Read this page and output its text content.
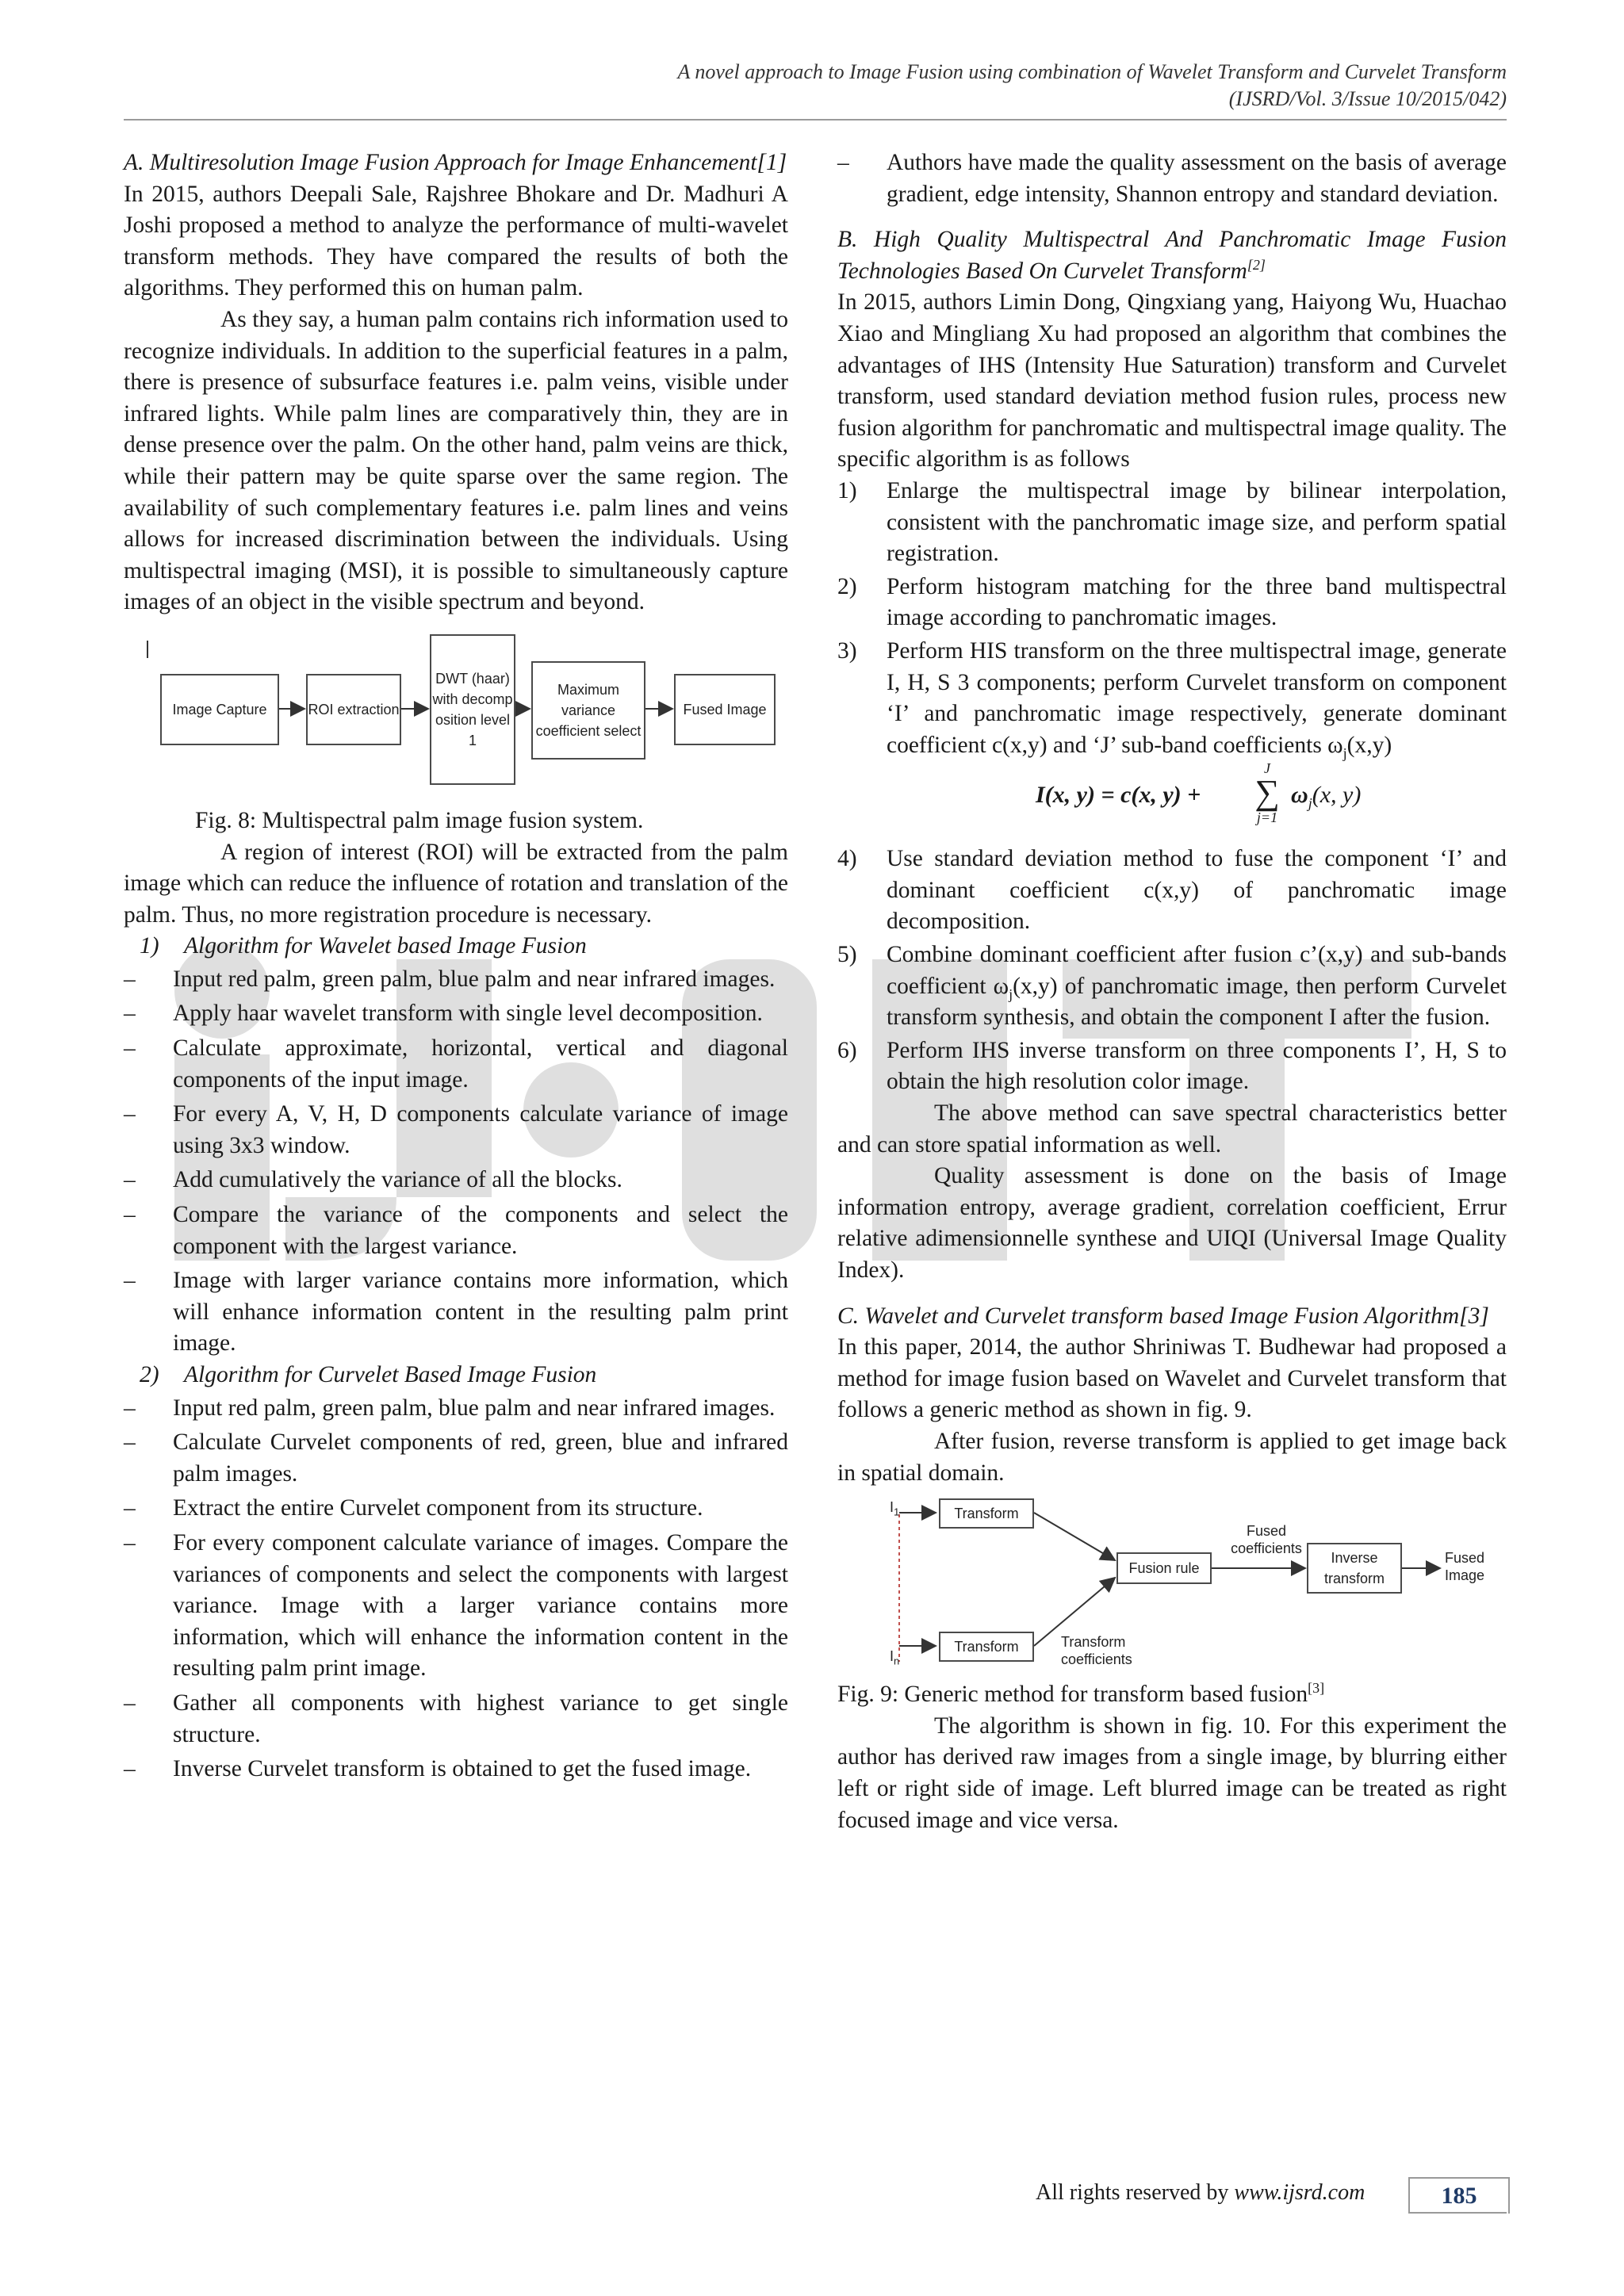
A novel approach to Image Fusion using combination of Wavelet Transform and Curvelet Transform
(IJSRD/Vol. 3/Issue 10/2015/042)

A. Multiresolution Image Fusion Approach for Image Enhancement[1]

In 2015, authors Deepali Sale, Rajshree Bhokare and Dr. Madhuri A Joshi proposed a method to analyze the performance of multi-wavelet transform methods. They have compared the results of both the algorithms. They performed this on human palm.

As they say, a human palm contains rich information used to recognize individuals. In addition to the superficial features in a palm, there is presence of subsurface features i.e. palm veins, visible under infrared lights. While palm lines are comparatively thin, they are in dense presence over the palm. On the other hand, palm veins are thick, while their pattern may be quite sparse over the same region. The availability of such complementary features i.e. palm lines and veins allows for increased discrimination between the individuals. Using multispectral imaging (MSI), it is possible to simultaneously capture images of an object in the visible spectrum and beyond.

Image Capture	ROI extraction
DWT (haar) with decomp osition level 1
Maximum variance coefficient select
Fused Image

Fig. 8: Multispectral palm image fusion system.

A region of interest (ROI) will be extracted from the palm image which can reduce the influence of rotation and translation of the palm. Thus, no more registration procedure is necessary.

1) Algorithm for Wavelet based Image Fusion

– Input red palm, green palm, blue palm and near infrared images.
– Apply haar wavelet transform with single level decomposition.
– Calculate approximate, horizontal, vertical and diagonal components of the input image.
– For every A, V, H, D components calculate variance of image using 3x3 window.
– Add cumulatively the variance of all the blocks.
– Compare the variance of the components and select the component with the largest variance.
– Image with larger variance contains more information, which will enhance information content in the resulting palm print image.

2) Algorithm for Curvelet Based Image Fusion

– Input red palm, green palm, blue palm and near infrared images.
– Calculate Curvelet components of red, green, blue and infrared palm images.
– Extract the entire Curvelet component from its structure.
– For every component calculate variance of images. Compare the variances of components and select the components with largest variance. Image with a larger variance contains more information, which will enhance the information content in the resulting palm print image.
– Gather all components with highest variance to get single structure.
– Inverse Curvelet transform is obtained to get the fused image.
– Authors have made the quality assessment on the basis of average gradient, edge intensity, Shannon entropy and standard deviation.

B. High Quality Multispectral And Panchromatic Image Fusion Technologies Based On Curvelet Transform[2]

In 2015, authors Limin Dong, Qingxiang yang, Haiyong Wu, Huachao Xiao and Mingliang Xu had proposed an algorithm that combines the advantages of IHS (Intensity Hue Saturation) transform and Curvelet transform, used standard deviation method fusion rules, process new fusion algorithm for panchromatic and multispectral image quality. The specific algorithm is as follows

1) Enlarge the multispectral image by bilinear interpolation, consistent with the panchromatic image size, and perform spatial registration.
2) Perform histogram matching for the three band multispectral image according to panchromatic images.
3) Perform HIS transform on the three multispectral image, generate I, H, S 3 components; perform Curvelet transform on component ‘I’ and panchromatic image respectively, generate dominant coefficient c(x,y) and ‘J’ sub-band coefficients $\omega_j(x,y)$
I(x, y) = c(x, y) +
J
∑
j=1
$\omega_j(x$, y)
4) Use standard deviation method to fuse the component ‘I’ and dominant coefficient c(x,y) of panchromatic image decomposition.
5) Combine dominant coefficient after fusion c’(x,y) and sub-bands coefficient $\omega_j(x,y)$ of panchromatic image, then perform Curvelet transform synthesis, and obtain the component I after the fusion.
6) Perform IHS inverse transform on three components I’, H, S to obtain the high resolution color image.

The above method can save spectral characteristics better and can store spatial information as well.

Quality assessment is done on the basis of Image information entropy, average gradient, correlation coefficient, Errur relative adimensionnelle synthese and UIQI (Universal Image Quality Index).

C. Wavelet and Curvelet transform based Image Fusion Algorithm[3]

In this paper, 2014, the author Shriniwas T. Budhewar had proposed a method for image fusion based on Wavelet and Curvelet transform that follows a generic method as shown in fig. 9.

After fusion, reverse transform is applied to get image back in spatial domain.

$I_1$
$I_n$
Transform
Transform
Fusion rule
Fused coefficients
Inverse transform
Fused Image
Transform coefficients

Fig. 9: Generic method for transform based fusion[3]

The algorithm is shown in fig. 10. For this experiment the author has derived raw images from a single image, by blurring either left or right side of image. Left blurred image can be treated as right focused image and vice versa.

All rights reserved by www.ijsrd.com	185
